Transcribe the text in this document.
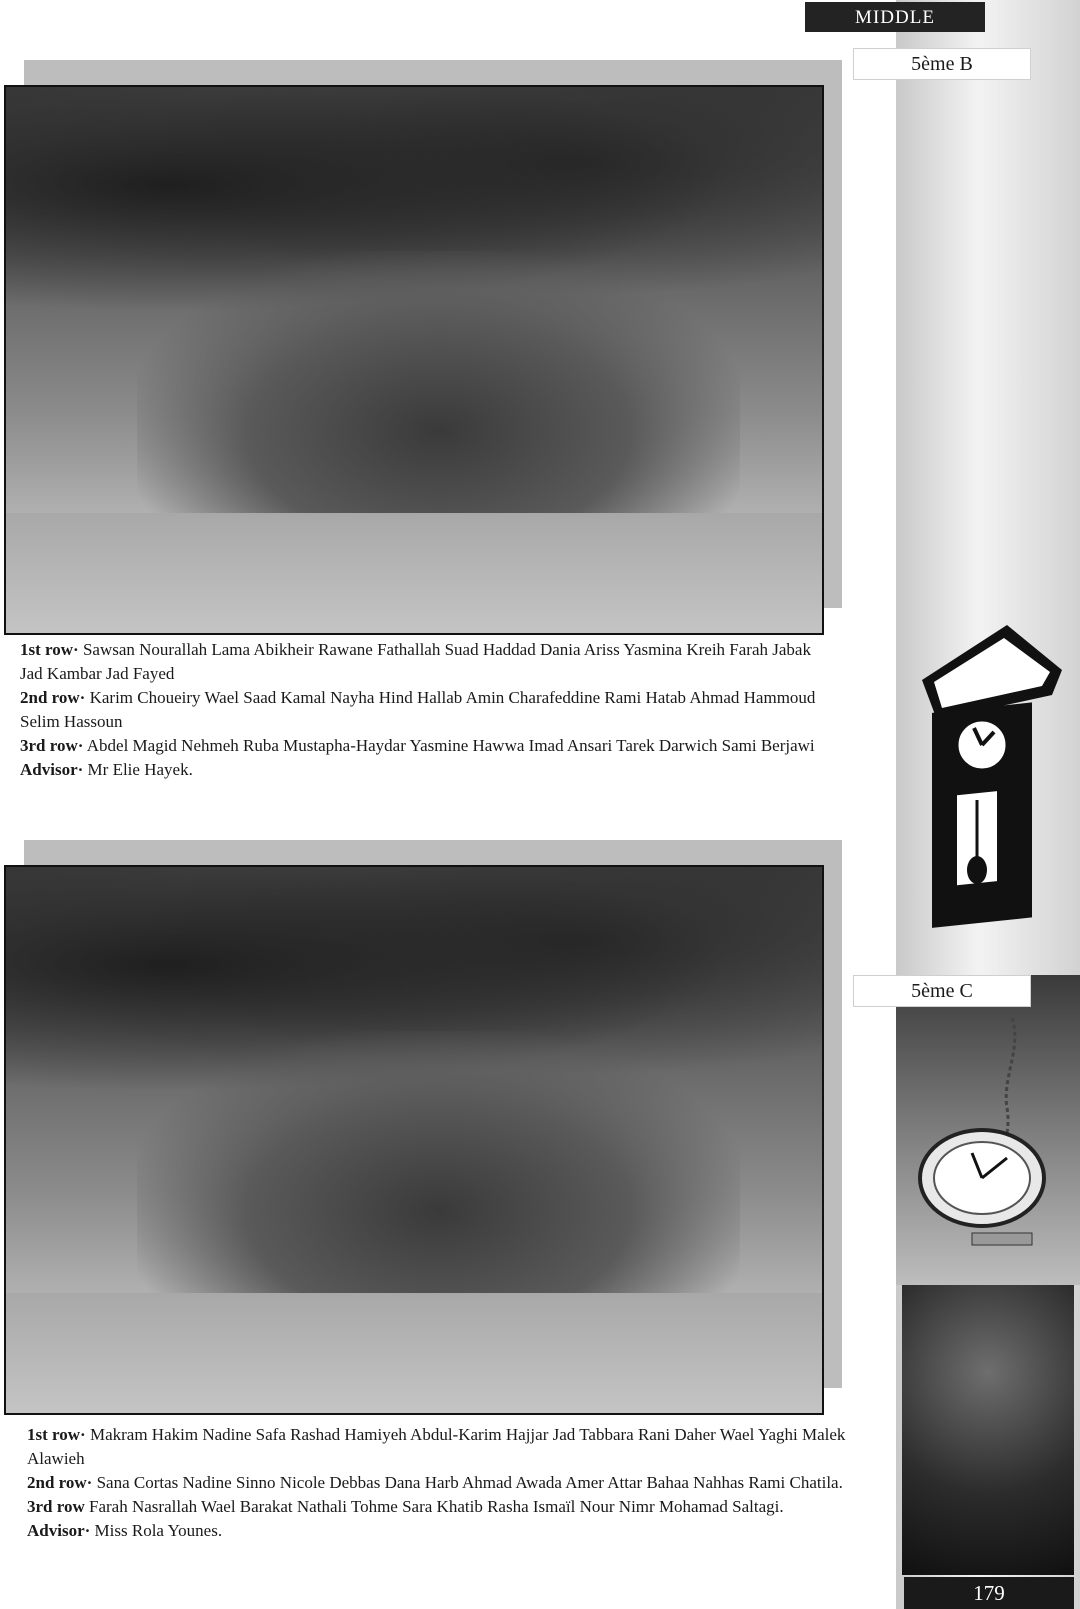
MIDDLE
5ème B
5ème C
1st row· Sawsan Nourallah Lama Abikheir Rawane Fathallah Suad Haddad Dania Ariss Yasmina Kreih Farah Jabak Jad Kambar Jad Fayed
2nd row· Karim Choueiry Wael Saad Kamal Nayha Hind Hallab Amin Charafeddine Rami Hatab Ahmad Hammoud Selim Hassoun
3rd row· Abdel Magid Nehmeh Ruba Mustapha-Haydar Yasmine Hawwa Imad Ansari Tarek Darwich Sami Berjawi
Advisor· Mr Elie Hayek.
1st row· Makram Hakim Nadine Safa Rashad Hamiyeh Abdul-Karim Hajjar Jad Tabbara Rani Daher Wael Yaghi Malek Alawieh
2nd row· Sana Cortas Nadine Sinno Nicole Debbas Dana Harb Ahmad Awada Amer Attar Bahaa Nahhas Rami Chatila.
3rd row Farah Nasrallah Wael Barakat Nathali Tohme Sara Khatib Rasha Ismaïl Nour Nimr Mohamad Saltagi.
Advisor· Miss Rola Younes.
179
